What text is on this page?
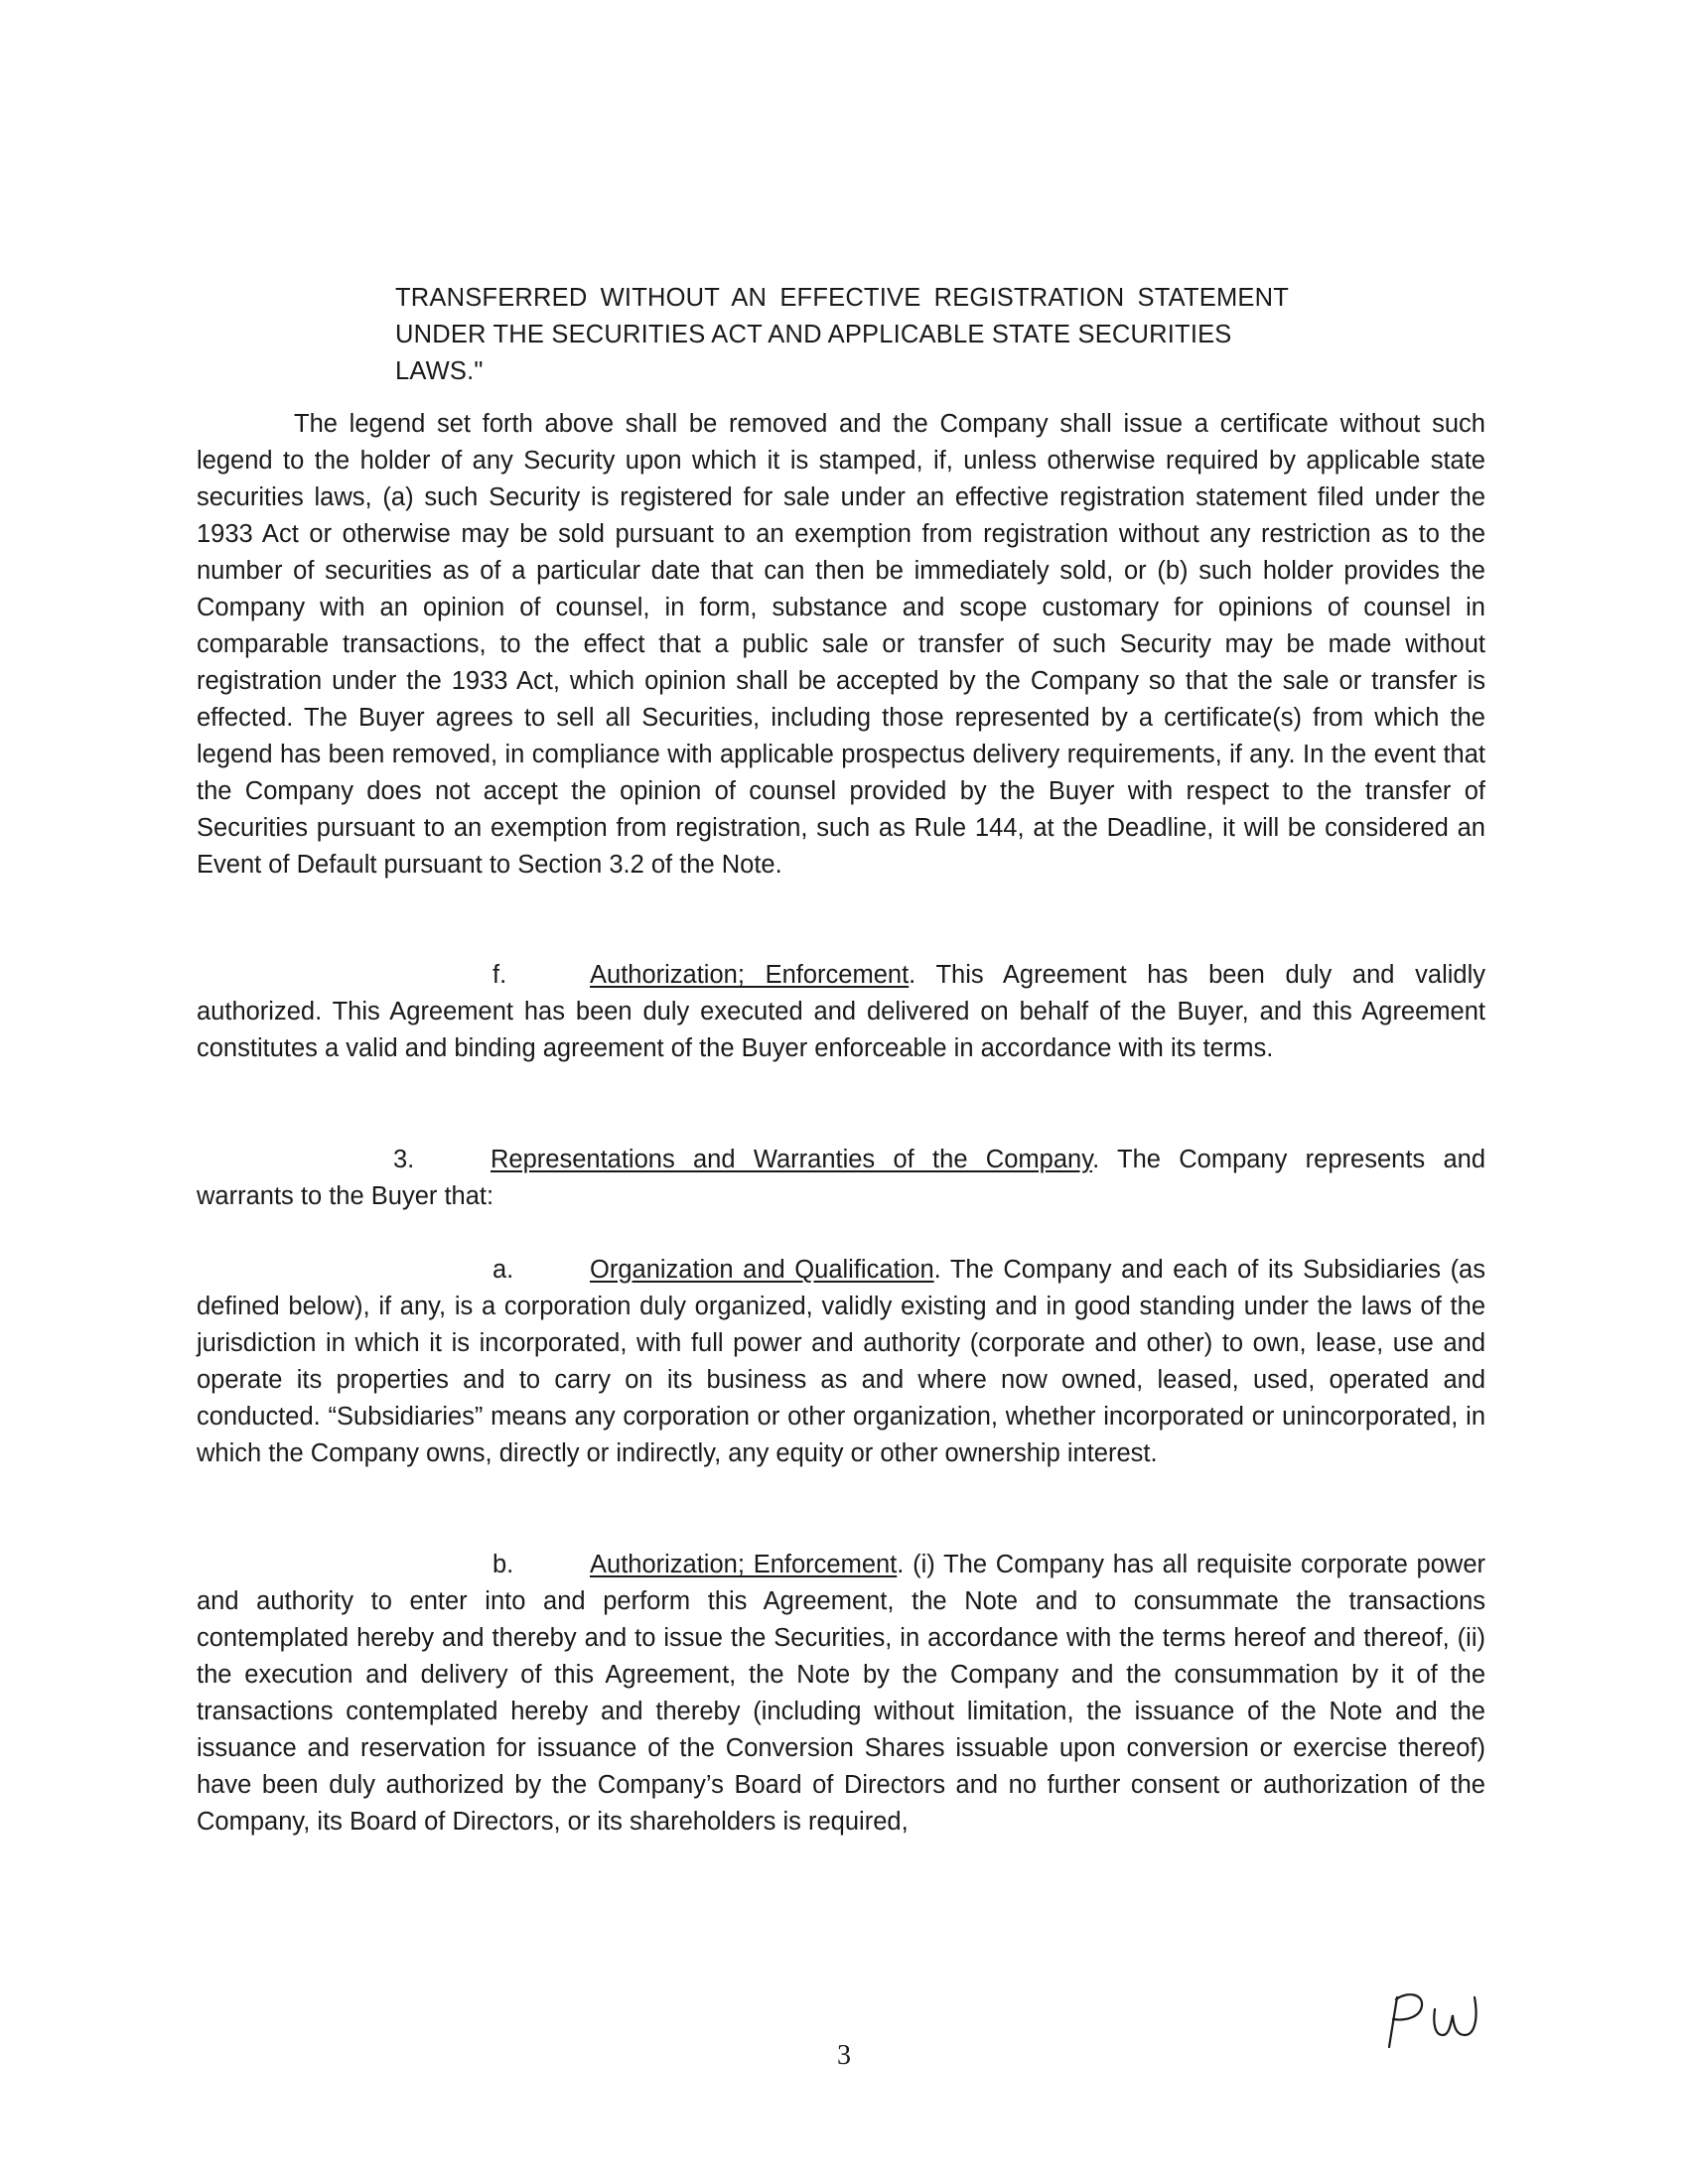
TRANSFERRED WITHOUT AN EFFECTIVE REGISTRATION STATEMENT
UNDER THE SECURITIES ACT AND APPLICABLE STATE SECURITIES LAWS."

The legend set forth above shall be removed and the Company shall issue a certificate without such legend to the holder of any Security upon which it is stamped, if, unless otherwise required by applicable state securities laws, (a) such Security is registered for sale under an effective registration statement filed under the 1933 Act or otherwise may be sold pursuant to an exemption from registration without any restriction as to the number of securities as of a particular date that can then be immediately sold, or (b) such holder provides the Company with an opinion of counsel, in form, substance and scope customary for opinions of counsel in comparable transactions, to the effect that a public sale or transfer of such Security may be made without registration under the 1933 Act, which opinion shall be accepted by the Company so that the sale or transfer is effected. The Buyer agrees to sell all Securities, including those represented by a certificate(s) from which the legend has been removed, in compliance with applicable prospectus delivery requirements, if any. In the event that the Company does not accept the opinion of counsel provided by the Buyer with respect to the transfer of Securities pursuant to an exemption from registration, such as Rule 144, at the Deadline, it will be considered an Event of Default pursuant to Section 3.2 of the Note.

f.	Authorization; Enforcement. This Agreement has been duly and validly authorized. This Agreement has been duly executed and delivered on behalf of the Buyer, and this Agreement constitutes a valid and binding agreement of the Buyer enforceable in accordance with its terms.

3.	Representations and Warranties of the Company. The Company represents and warrants to the Buyer that:

a.	Organization and Qualification. The Company and each of its Subsidiaries (as defined below), if any, is a corporation duly organized, validly existing and in good standing under the laws of the jurisdiction in which it is incorporated, with full power and authority (corporate and other) to own, lease, use and operate its properties and to carry on its business as and where now owned, leased, used, operated and conducted. “Subsidiaries” means any corporation or other organization, whether incorporated or unincorporated, in which the Company owns, directly or indirectly, any equity or other ownership interest.

b.	Authorization; Enforcement. (i) The Company has all requisite corporate power and authority to enter into and perform this Agreement, the Note and to consummate the transactions contemplated hereby and thereby and to issue the Securities, in accordance with the terms hereof and thereof, (ii) the execution and delivery of this Agreement, the Note by the Company and the consummation by it of the transactions contemplated hereby and thereby (including without limitation, the issuance of the Note and the issuance and reservation for issuance of the Conversion Shares issuable upon conversion or exercise thereof) have been duly authorized by the Company’s Board of Directors and no further consent or authorization of the Company, its Board of Directors, or its shareholders is required,

3
